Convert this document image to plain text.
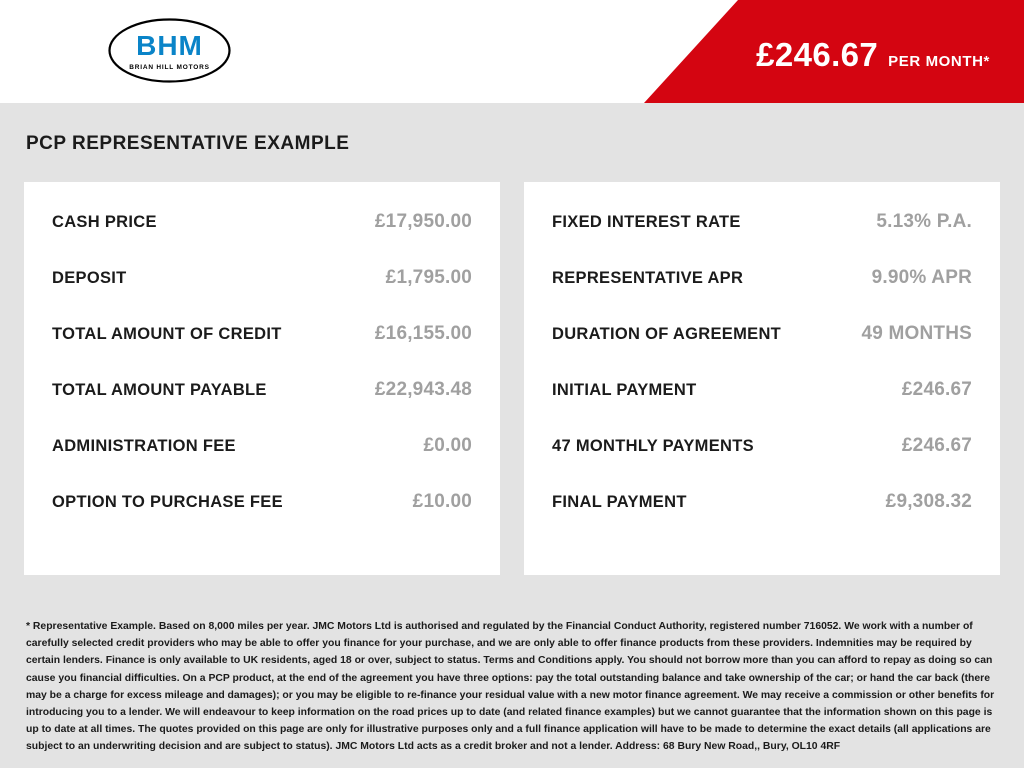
BHM
BRIAN HILL MOTORS	£246.67 PER MONTH*
PCP REPRESENTATIVE EXAMPLE
CASH PRICE	£17,950.00
DEPOSIT	£1,795.00
TOTAL AMOUNT OF CREDIT	£16,155.00
TOTAL AMOUNT PAYABLE	£22,943.48
ADMINISTRATION FEE	£0.00
OPTION TO PURCHASE FEE	£10.00
FIXED INTEREST RATE	5.13% P.A.
REPRESENTATIVE APR	9.90% APR
DURATION OF AGREEMENT	49 MONTHS
INITIAL PAYMENT	£246.67
47 MONTHLY PAYMENTS	£246.67
FINAL PAYMENT	£9,308.32

* Representative Example. Based on 8,000 miles per year. JMC Motors Ltd is authorised and regulated by the Financial Conduct Authority, registered number 716052. We work with a number of carefully selected credit providers who may be able to offer you finance for your purchase, and we are only able to offer finance products from these providers. Indemnities may be required by certain lenders. Finance is only available to UK residents, aged 18 or over, subject to status. Terms and Conditions apply. You should not borrow more than you can afford to repay as doing so can cause you financial difficulties. On a PCP product, at the end of the agreement you have three options: pay the total outstanding balance and take ownership of the car; or hand the car back (there may be a charge for excess mileage and damages); or you may be eligible to re-finance your residual value with a new motor finance agreement. We may receive a commission or other benefits for introducing you to a lender. We will endeavour to keep information on the road prices up to date (and related finance examples) but we cannot guarantee that the information shown on this page is up to date at all times. The quotes provided on this page are only for illustrative purposes only and a full finance application will have to be made to determine the exact details (all applications are subject to an underwriting decision and are subject to status). JMC Motors Ltd acts as a credit broker and not a lender. Address: 68 Bury New Road,, Bury, OL10 4RF
